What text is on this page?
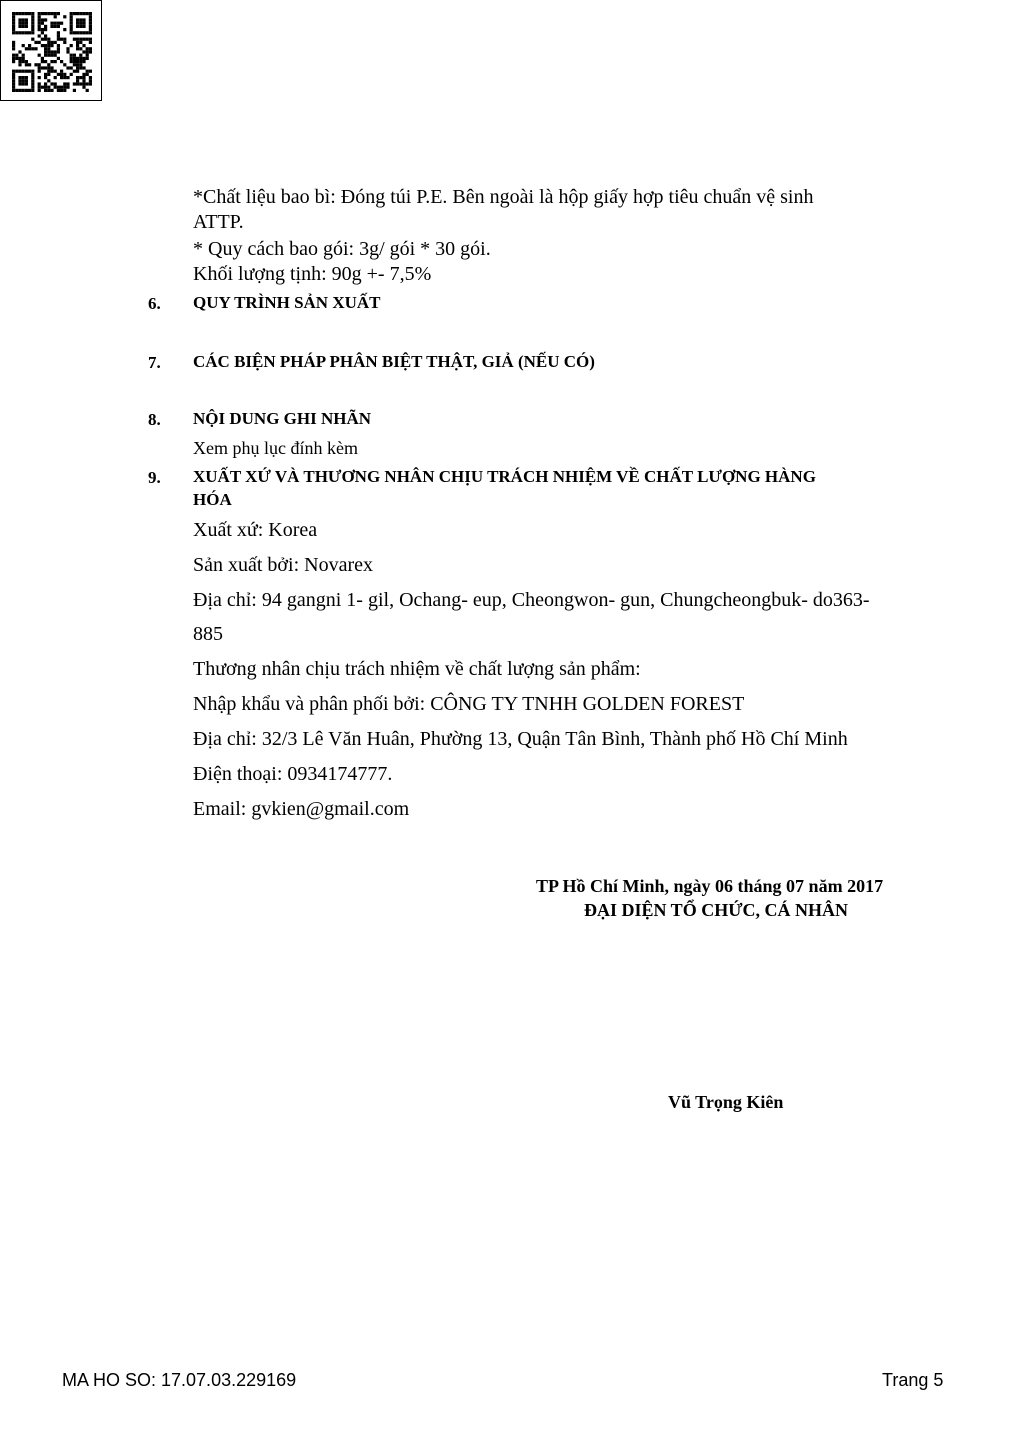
*Chất liệu bao bì: Đóng túi P.E. Bên ngoài là hộp giấy hợp tiêu chuẩn vệ sinh
ATTP.
* Quy cách bao gói: 3g/ gói * 30 gói.
Khối lượng tịnh: 90g +- 7,5%
6. QUY TRÌNH SẢN XUẤT
7. CÁC BIỆN PHÁP PHÂN BIỆT THẬT, GIẢ (NẾU CÓ)
8. NỘI DUNG GHI NHÃN
Xem phụ lục đính kèm
9. XUẤT XỨ VÀ THƯƠNG NHÂN CHỊU TRÁCH NHIỆM VỀ CHẤT LƯỢNG HÀNG
HÓA
Xuất xứ: Korea
Sản xuất bởi: Novarex
Địa chỉ: 94 gangni 1- gil, Ochang- eup, Cheongwon- gun, Chungcheongbuk- do363-
885
Thương nhân chịu trách nhiệm về chất lượng sản phẩm:
Nhập khẩu và phân phối bởi: CÔNG TY TNHH GOLDEN FOREST
Địa chỉ: 32/3 Lê Văn Huân, Phường 13, Quận Tân Bình, Thành phố Hồ Chí Minh
Điện thoại: 0934174777.
Email: gvkien@gmail.com
TP Hồ Chí Minh, ngày 06 tháng 07 năm 2017
ĐẠI DIỆN TỔ CHỨC, CÁ NHÂN
Vũ Trọng Kiên
MA HO SO: 17.07.03.229169	Trang 5
